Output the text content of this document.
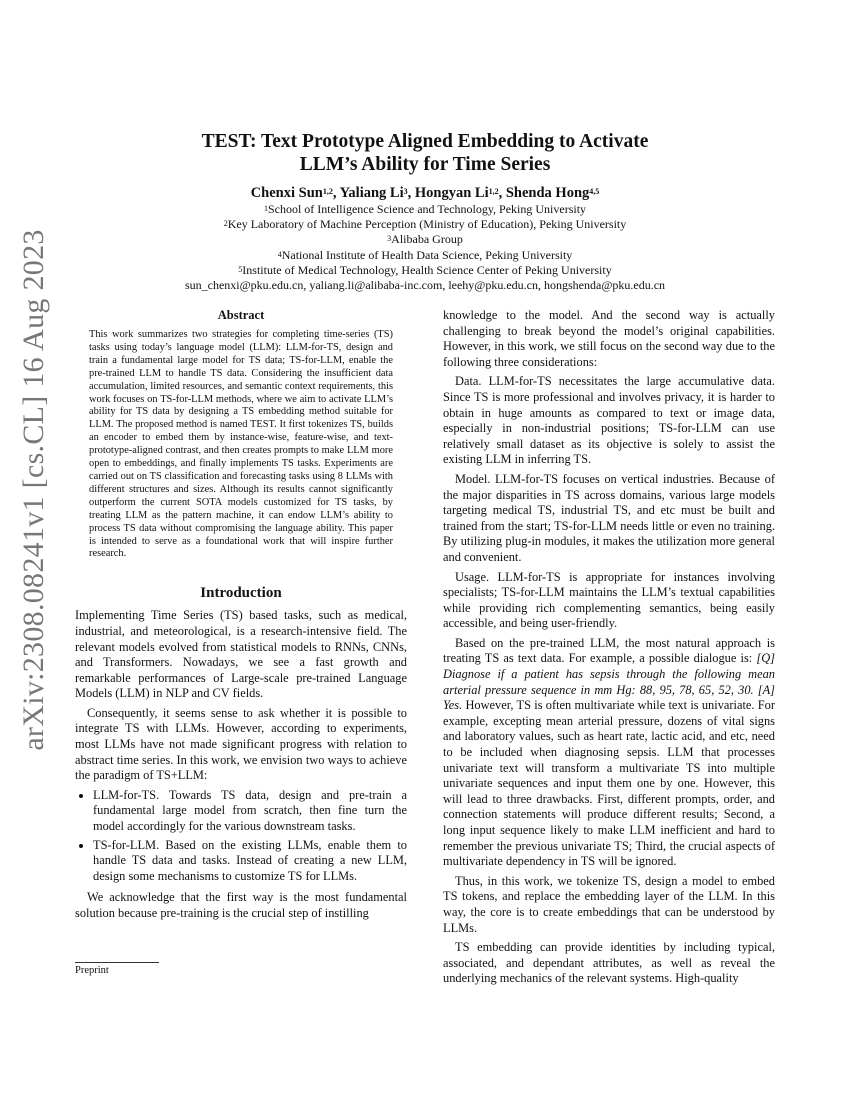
arXiv:2308.08241v1 [cs.CL] 16 Aug 2023
TEST: Text Prototype Aligned Embedding to Activate
LLM’s Ability for Time Series
Chenxi Sun$^{1,2}$, Yaliang Li$^3$, Hongyan Li$^{1,2}$, Shenda Hong$^{4,5}$
$^1$School of Intelligence Science and Technology, Peking University
$^2$Key Laboratory of Machine Perception (Ministry of Education), Peking University
$^3$Alibaba Group
$^4$National Institute of Health Data Science, Peking University
$^5$Institute of Medical Technology, Health Science Center of Peking University
sun_chenxi@pku.edu.cn, yaliang.li@alibaba-inc.com, leehy@pku.edu.cn, hongshenda@pku.edu.cn
Abstract
This work summarizes two strategies for completing time-series (TS) tasks using today’s language model (LLM): LLM-for-TS, design and train a fundamental large model for TS data; TS-for-LLM, enable the pre-trained LLM to handle TS data. Considering the insufficient data accumulation, limited resources, and semantic context requirements, this work focuses on TS-for-LLM methods, where we aim to activate LLM’s ability for TS data by designing a TS embedding method suitable for LLM. The proposed method is named TEST. It first tokenizes TS, builds an encoder to embed them by instance-wise, feature-wise, and text-prototype-aligned contrast, and then creates prompts to make LLM more open to embeddings, and finally implements TS tasks. Experiments are carried out on TS classification and forecasting tasks using 8 LLMs with different structures and sizes. Although its results cannot significantly outperform the current SOTA models customized for TS tasks, by treating LLM as the pattern machine, it can endow LLM’s ability to process TS data without compromising the language ability. This paper is intended to serve as a foundational work that will inspire further research.
Introduction

Implementing Time Series (TS) based tasks, such as medical, industrial, and meteorological, is a research-intensive field. The relevant models evolved from statistical models to RNNs, CNNs, and Transformers. Nowadays, we see a fast growth and remarkable performances of Large-scale pre-trained Language Models (LLM) in NLP and CV fields.

Consequently, it seems sense to ask whether it is possible to integrate TS with LLMs. However, according to experiments, most LLMs have not made significant progress with relation to abstract time series. In this work, we envision two ways to achieve the paradigm of TS+LLM:

• LLM-for-TS. Towards TS data, design and pre-train a fundamental large model from scratch, then fine turn the model accordingly for the various downstream tasks.
• TS-for-LLM. Based on the existing LLMs, enable them to handle TS data and tasks. Instead of creating a new LLM, design some mechanisms to customize TS for LLMs.

We acknowledge that the first way is the most fundamental solution because pre-training is the crucial step of instilling

knowledge to the model. And the second way is actually challenging to break beyond the model’s original capabilities. However, in this work, we still focus on the second way due to the following three considerations:

Data. LLM-for-TS necessitates the large accumulative data. Since TS is more professional and involves privacy, it is harder to obtain in huge amounts as compared to text or image data, especially in non-industrial positions; TS-for-LLM can use relatively small dataset as its objective is solely to assist the existing LLM in inferring TS.

Model. LLM-for-TS focuses on vertical industries. Because of the major disparities in TS across domains, various large models targeting medical TS, industrial TS, and etc must be built and trained from the start; TS-for-LLM needs little or even no training. By utilizing plug-in modules, it makes the utilization more general and convenient.

Usage. LLM-for-TS is appropriate for instances involving specialists; TS-for-LLM maintains the LLM’s textual capabilities while providing rich complementing semantics, being easily accessible, and being user-friendly.

Based on the pre-trained LLM, the most natural approach is treating TS as text data. For example, a possible dialogue is: [Q] Diagnose if a patient has sepsis through the following mean arterial pressure sequence in mm Hg: 88, 95, 78, 65, 52, 30. [A] Yes. However, TS is often multivariate while text is univariate. For example, excepting mean arterial pressure, dozens of vital signs and laboratory values, such as heart rate, lactic acid, and etc, need to be included when diagnosing sepsis. LLM that processes univariate text will transform a multivariate TS into multiple univariate sequences and input them one by one. However, this will lead to three drawbacks. First, different prompts, order, and connection statements will produce different results; Second, a long input sequence likely to make LLM inefficient and hard to remember the previous univariate TS; Third, the crucial aspects of multivariate dependency in TS will be ignored.

Thus, in this work, we tokenize TS, design a model to embed TS tokens, and replace the embedding layer of the LLM. In this way, the core is to create embeddings that can be understood by LLMs.

TS embedding can provide identities by including typical, associated, and dependant attributes, as well as reveal the underlying mechanics of the relevant systems. High-quality

Preprint
